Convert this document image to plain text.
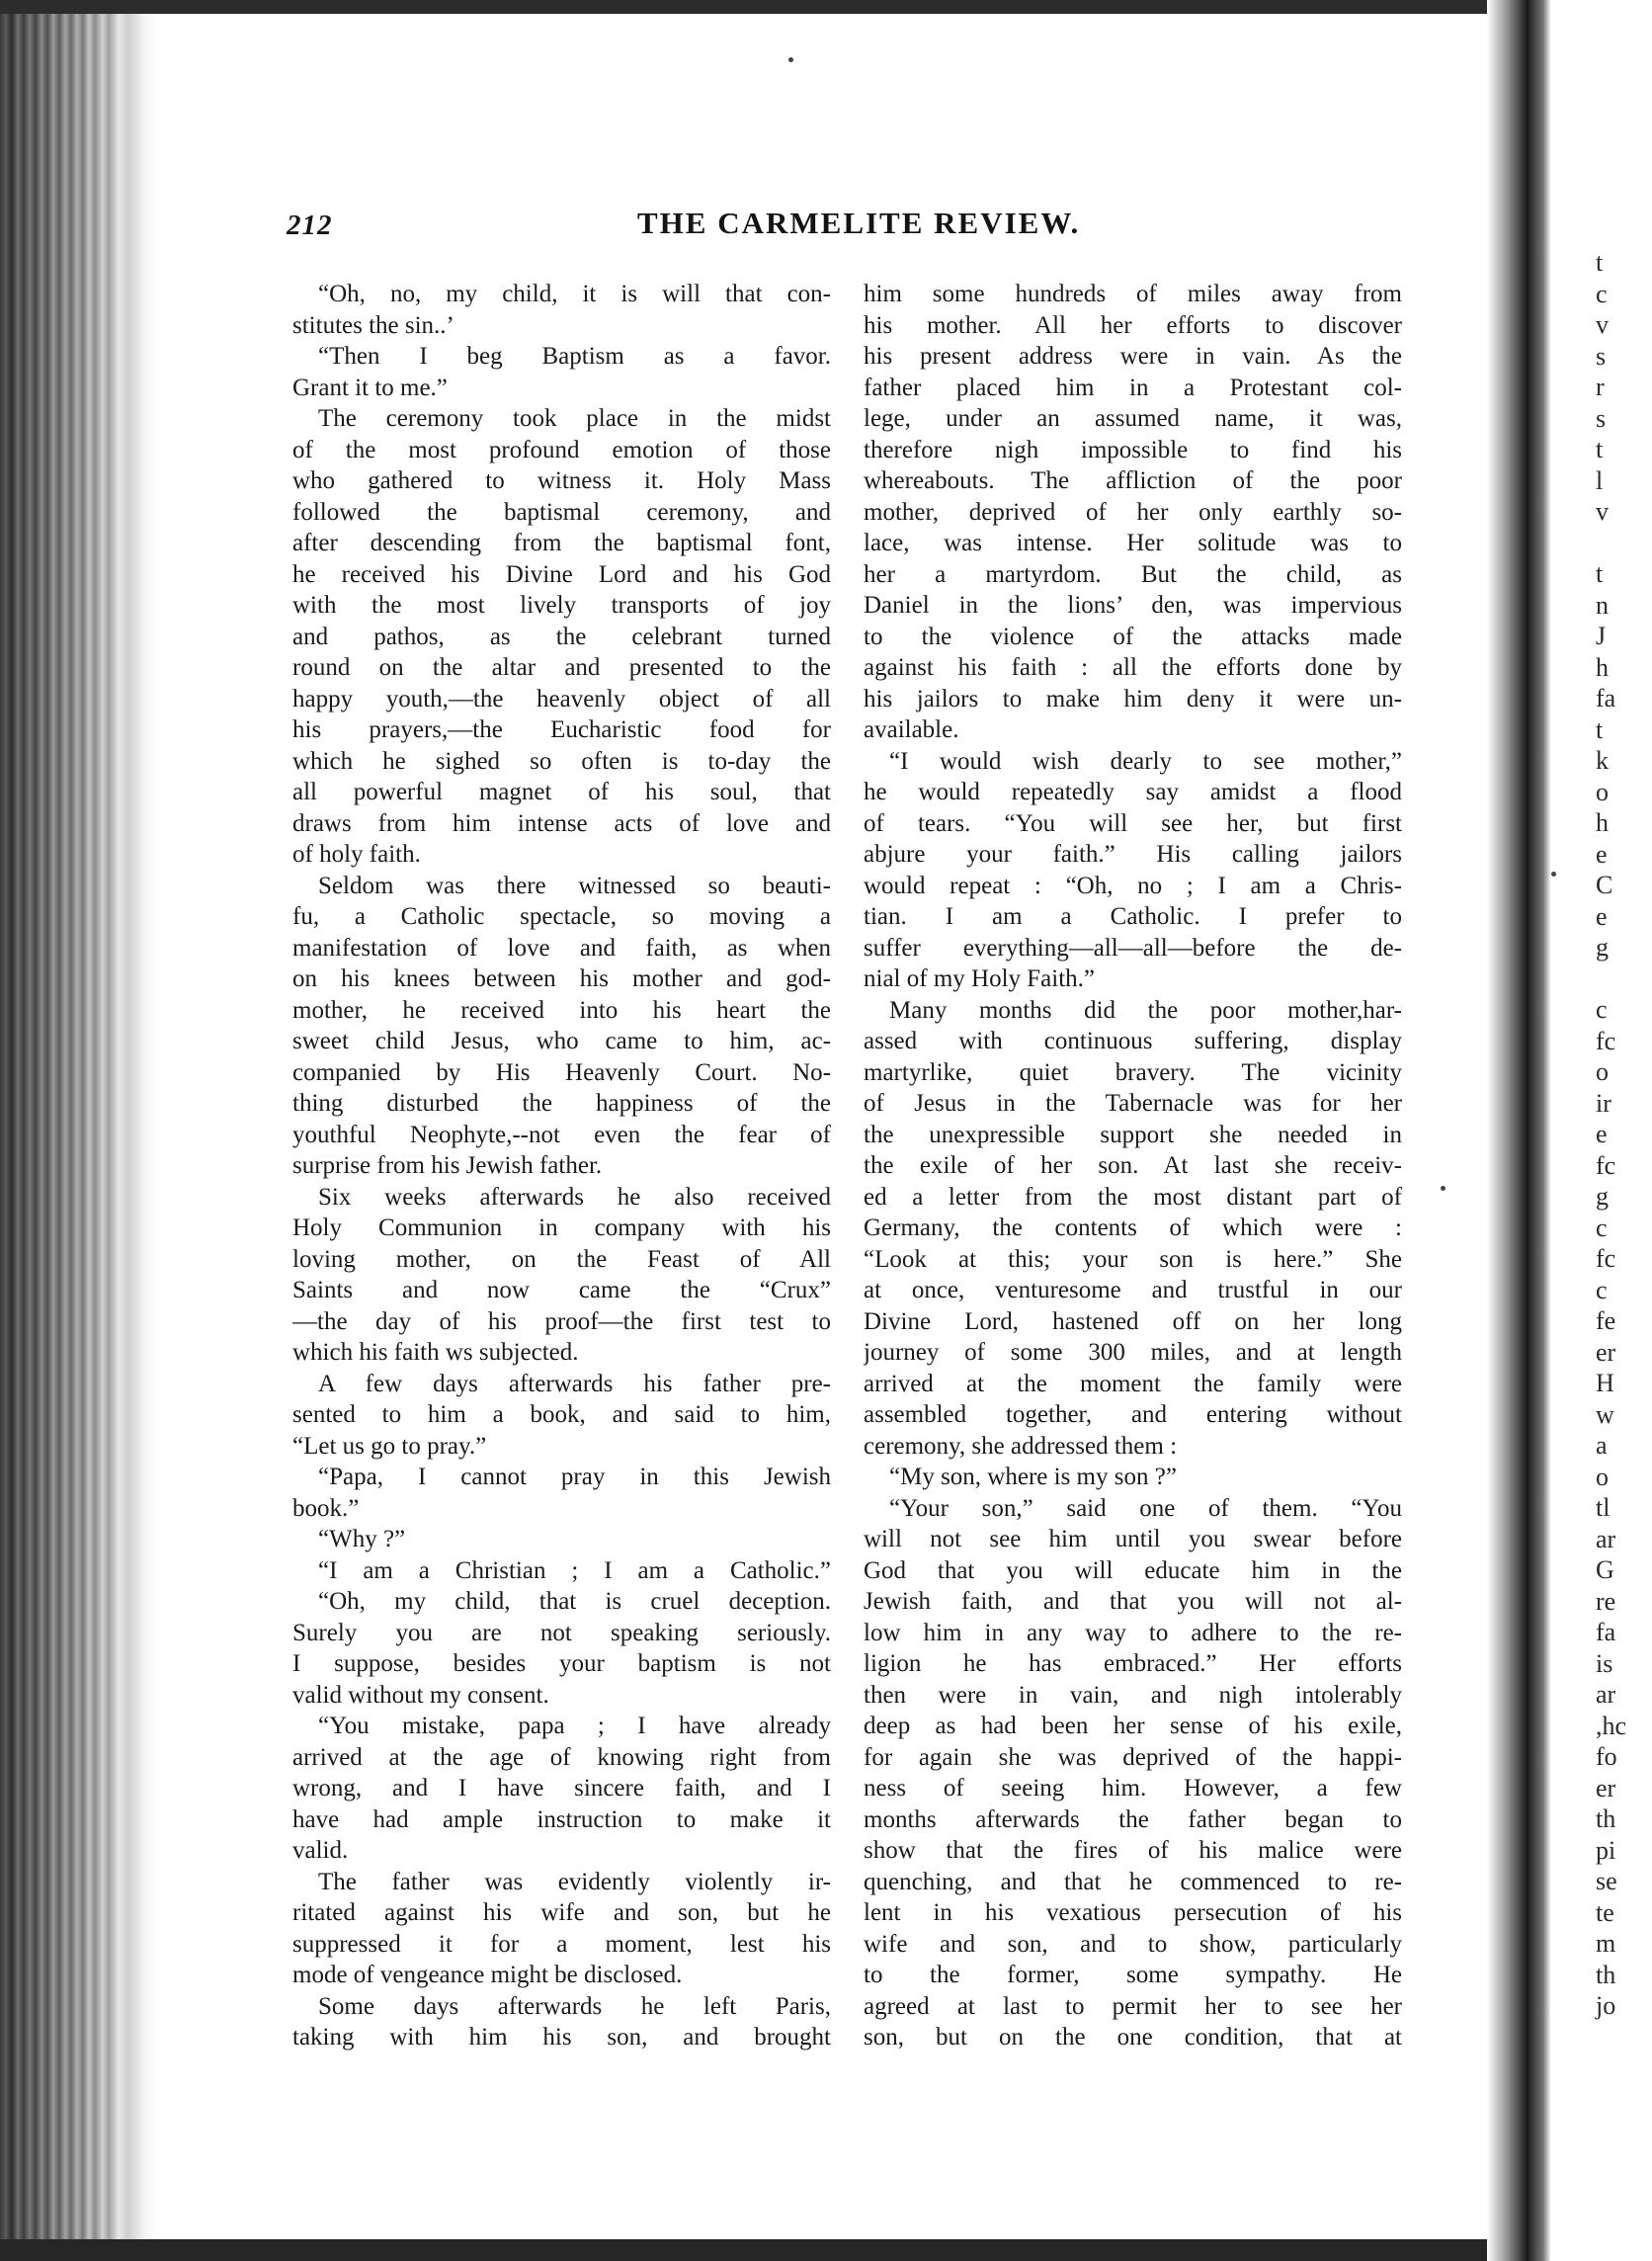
t
c
v
s
r
s
t
l
v
t
n
J
h
fa
t
k
o
h
e
C
e
g
c
fc
o
ir
e
fc
g
c
fc
c
fe
er
H
w
a
o
tl
ar
G
re
fa
is
ar
,hc
fo
er
th
pi
se
te
m
th
jo
212	THE CARMELITE REVIEW.
“Oh, no, my child, it is will that con-
stitutes the sin..’
“Then I beg Baptism as a favor.
Grant it to me.”
The ceremony took place in the midst
of the most profound emotion of those
who gathered to witness it. Holy Mass
followed the baptismal ceremony, and
after descending from the baptismal font,
he received his Divine Lord and his God
with the most lively transports of joy
and pathos, as the celebrant turned
round on the altar and presented to the
happy youth,—the heavenly object of all
his prayers,—the Eucharistic food for
which he sighed so often is to-day the
all powerful magnet of his soul, that
draws from him intense acts of love and
of holy faith.
Seldom was there witnessed so beauti-
fu, a Catholic spectacle, so moving a
manifestation of love and faith, as when
on his knees between his mother and god-
mother, he received into his heart the
sweet child Jesus, who came to him, ac-
companied by His Heavenly Court. No-
thing disturbed the happiness of the
youthful Neophyte,--not even the fear of
surprise from his Jewish father.
Six weeks afterwards he also received
Holy Communion in company with his
loving mother, on the Feast of All
Saints and now came the “Crux”
—the day of his proof—the first test to
which his faith ws subjected.
A few days afterwards his father pre-
sented to him a book, and said to him,
“Let us go to pray.”
“Papa, I cannot pray in this Jewish
book.”
“Why ?”
“I am a Christian ; I am a Catholic.”
“Oh, my child, that is cruel deception.
Surely you are not speaking seriously.
I suppose, besides your baptism is not
valid without my consent.
“You mistake, papa ; I have already
arrived at the age of knowing right from
wrong, and I have sincere faith, and I
have had ample instruction to make it
valid.
The father was evidently violently ir-
ritated against his wife and son, but he
suppressed it for a moment, lest his
mode of vengeance might be disclosed.
Some days afterwards he left Paris,
taking with him his son, and brought
him some hundreds of miles away from
his mother. All her efforts to discover
his present address were in vain. As the
father placed him in a Protestant col-
lege, under an assumed name, it was,
therefore nigh impossible to find his
whereabouts. The affliction of the poor
mother, deprived of her only earthly so-
lace, was intense. Her solitude was to
her a martyrdom. But the child, as
Daniel in the lions’ den, was impervious
to the violence of the attacks made
against his faith : all the efforts done by
his jailors to make him deny it were un-
available.
“I would wish dearly to see mother,”
he would repeatedly say amidst a flood
of tears. “You will see her, but first
abjure your faith.” His calling jailors
would repeat : “Oh, no ; I am a Chris-
tian. I am a Catholic. I prefer to
suffer everything—all—all—before the de-
nial of my Holy Faith.”
Many months did the poor mother,har-
assed with continuous suffering, display
martyrlike, quiet bravery. The vicinity
of Jesus in the Tabernacle was for her
the unexpressible support she needed in
the exile of her son. At last she receiv-
ed a letter from the most distant part of
Germany, the contents of which were :
“Look at this; your son is here.” She
at once, venturesome and trustful in our
Divine Lord, hastened off on her long
journey of some 300 miles, and at length
arrived at the moment the family were
assembled together, and entering without
ceremony, she addressed them :
“My son, where is my son ?”
“Your son,” said one of them. “You
will not see him until you swear before
God that you will educate him in the
Jewish faith, and that you will not al-
low him in any way to adhere to the re-
ligion he has embraced.” Her efforts
then were in vain, and nigh intolerably
deep as had been her sense of his exile,
for again she was deprived of the happi-
ness of seeing him. However, a few
months afterwards the father began to
show that the fires of his malice were
quenching, and that he commenced to re-
lent in his vexatious persecution of his
wife and son, and to show, particularly
to the former, some sympathy. He
agreed at last to permit her to see her
son, but on the one condition, that at
